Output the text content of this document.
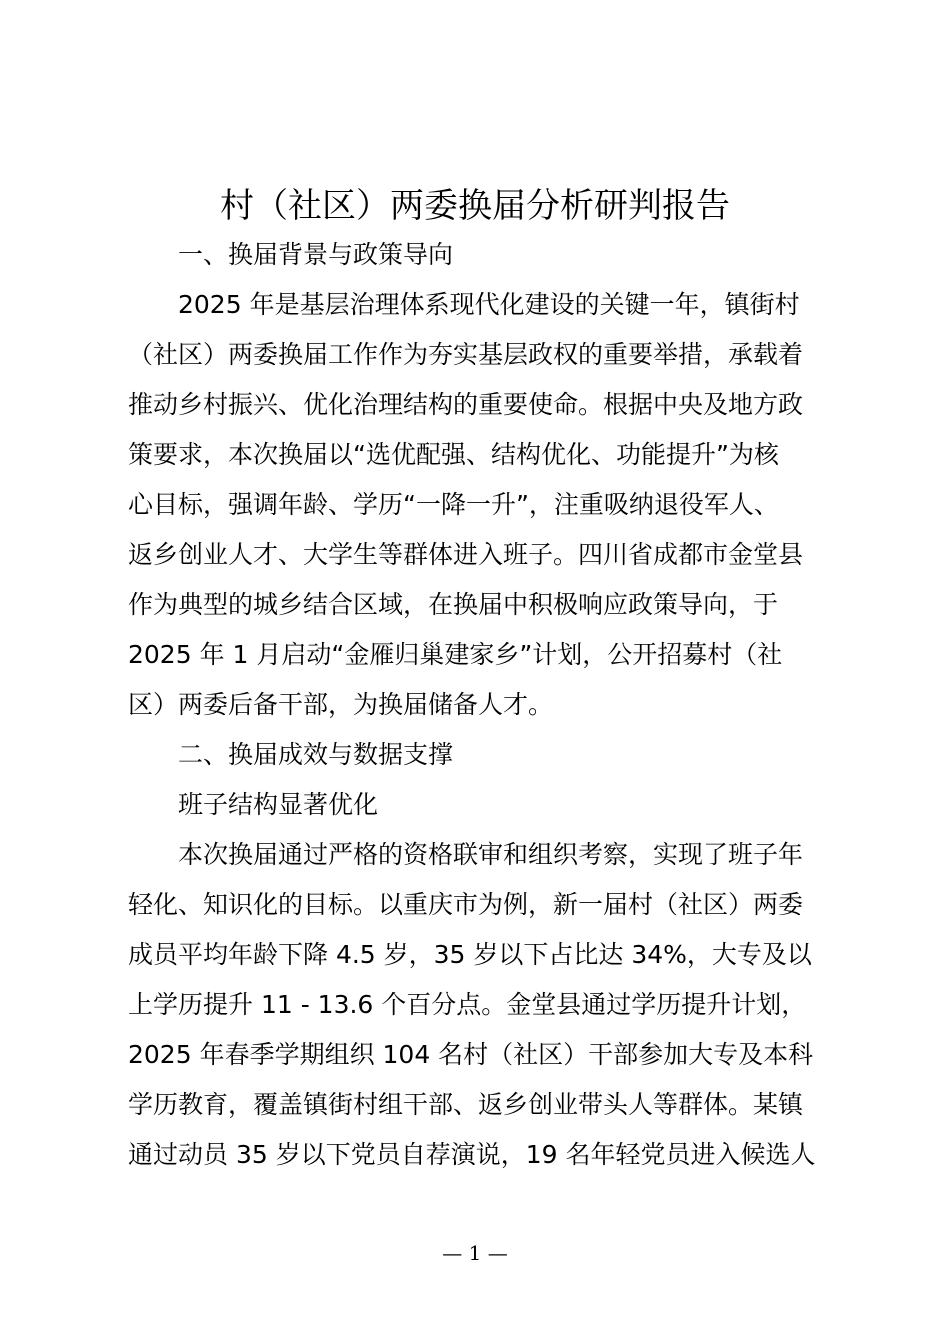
村（社区）两委换届分析研判报告

一、换届背景与政策导向

2025 年是基层治理体系现代化建设的关键一年，镇街村

（社区）两委换届工作作为夯实基层政权的重要举措，承载着

推动乡村振兴、优化治理结构的重要使命。根据中央及地方政

策要求，本次换届以“选优配强、结构优化、功能提升”为核

心目标，强调年龄、学历“一降一升”，注重吸纳退役军人、

返乡创业人才、大学生等群体进入班子。四川省成都市金堂县

作为典型的城乡结合区域，在换届中积极响应政策导向，于

2025 年 1 月启动“金雁归巢建家乡”计划，公开招募村（社

区）两委后备干部，为换届储备人才。

二、换届成效与数据支撑

班子结构显著优化

本次换届通过严格的资格联审和组织考察，实现了班子年

轻化、知识化的目标。以重庆市为例，新一届村（社区）两委

成员平均年龄下降 4.5 岁，35 岁以下占比达 34%，大专及以

上学历提升 11 - 13.6 个百分点。金堂县通过学历提升计划，

2025 年春季学期组织 104 名村（社区）干部参加大专及本科

学历教育，覆盖镇街村组干部、返乡创业带头人等群体。某镇

通过动员 35 岁以下党员自荐演说，19 名年轻党员进入候选人

— 1 —
